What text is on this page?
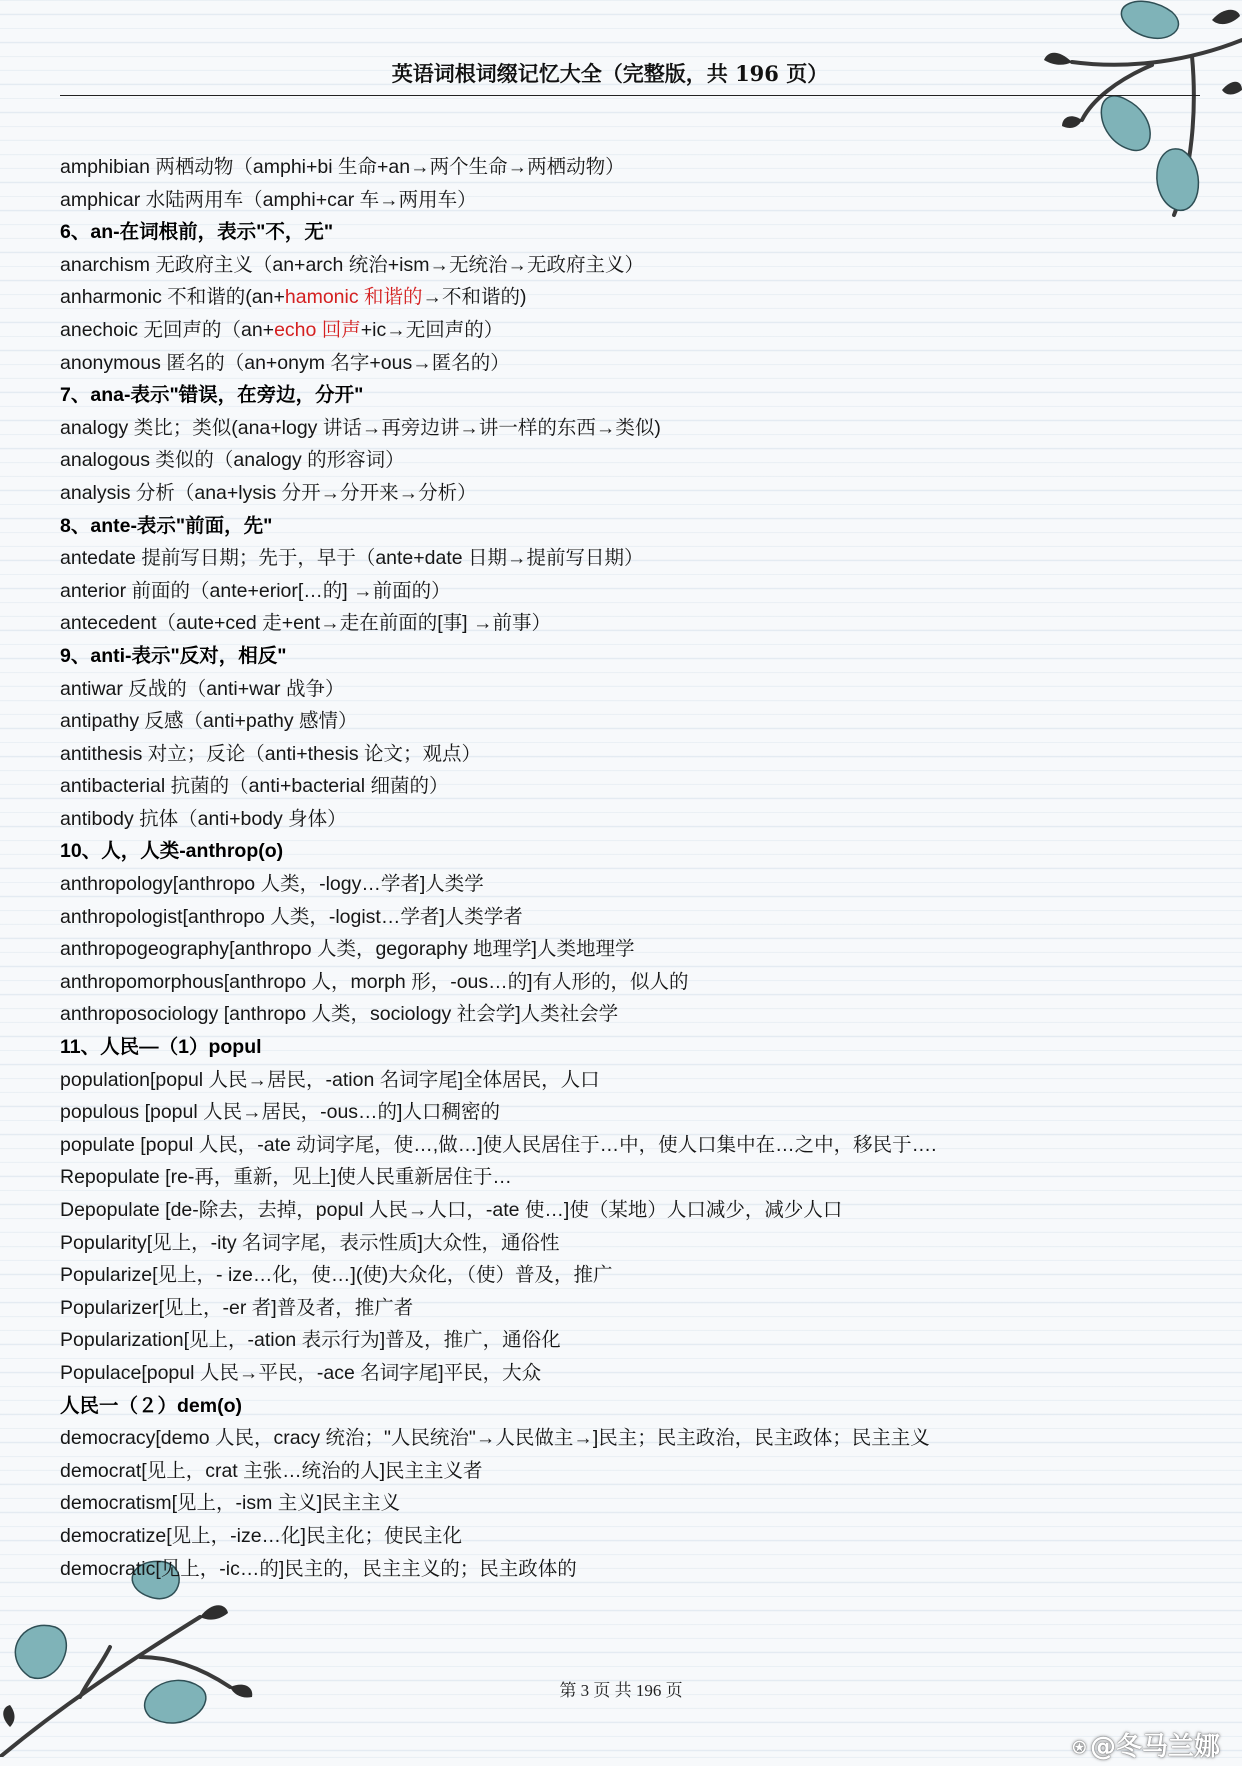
英语词根词缀记忆大全（完整版，共 196 页）
amphibian 两栖动物（amphi+bi 生命+an→两个生命→两栖动物）
amphicar 水陆两用车（amphi+car 车→两用车）
6、an-在词根前，表示"不，无"
anarchism 无政府主义（an+arch 统治+ism→无统治→无政府主义）
anharmonic 不和谐的(an+hamonic 和谐的→不和谐的)
anechoic 无回声的（an+echo 回声+ic→无回声的）
anonymous 匿名的（an+onym 名字+ous→匿名的）
7、ana-表示"错误，在旁边，分开"
analogy 类比；类似(ana+logy 讲话→再旁边讲→讲一样的东西→类似)
analogous 类似的（analogy 的形容词）
analysis 分析（ana+lysis 分开→分开来→分析）
8、ante-表示"前面，先"
antedate 提前写日期；先于，早于（ante+date 日期→提前写日期）
anterior 前面的（ante+erior[…的] →前面的）
antecedent（aute+ced 走+ent→走在前面的[事] →前事）
9、anti-表示"反对，相反"
antiwar 反战的（anti+war 战争）
antipathy 反感（anti+pathy 感情）
antithesis 对立；反论（anti+thesis 论文；观点）
antibacterial 抗菌的（anti+bacterial 细菌的）
antibody 抗体（anti+body 身体）
10、人，人类-anthrop(o)
anthropology[anthropo 人类，-logy…学者]人类学
anthropologist[anthropo 人类，-logist…学者]人类学者
anthropogeography[anthropo 人类，gegoraphy 地理学]人类地理学
anthropomorphous[anthropo 人，morph 形，-ous…的]有人形的，似人的
anthroposociology [anthropo 人类，sociology 社会学]人类社会学
11、人民—（1）popul
population[popul 人民→居民，-ation 名词字尾]全体居民，人口
populous [popul 人民→居民，-ous…的]人口稠密的
populate [popul 人民，-ate 动词字尾，使…,做…]使人民居住于…中，使人口集中在…之中，移民于….
Repopulate [re-再，重新，见上]使人民重新居住于…
Depopulate [de-除去，去掉，popul 人民→人口，-ate 使…]使（某地）人口减少，减少人口
Popularity[见上，-ity 名词字尾，表示性质]大众性，通俗性
Popularize[见上，- ize…化，使…](使)大众化，（使）普及，推广
Popularizer[见上，-er 者]普及者，推广者
Popularization[见上，-ation 表示行为]普及，推广，通俗化
Populace[popul 人民→平民，-ace 名词字尾]平民，大众
人民一（２）dem(o)
democracy[demo 人民，cracy 统治；"人民统治"→人民做主→]民主；民主政治，民主政体；民主主义
democrat[见上，crat 主张…统治的人]民主主义者
democratism[见上，-ism 主义]民主主义
democratize[见上，-ize…化]民主化；使民主化
democratic[见上，-ic…的]民主的，民主主义的；民主政体的
第 3 页 共 196 页
⍟ @冬马兰娜
